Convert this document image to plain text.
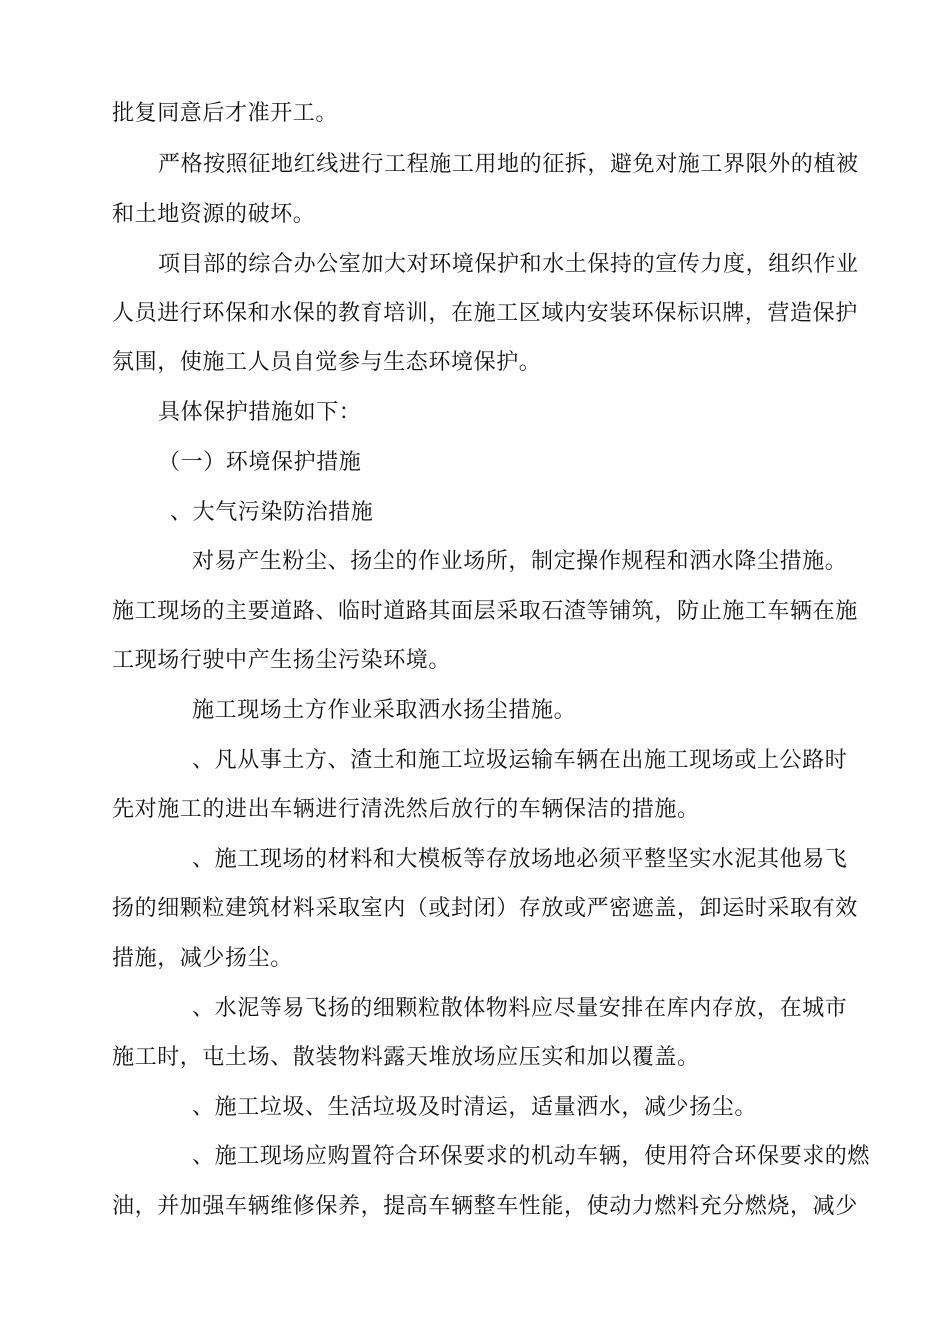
批复同意后才准开工。
严格按照征地红线进行工程施工用地的征拆，避免对施工界限外的植被
和土地资源的破坏。
项目部的综合办公室加大对环境保护和水土保持的宣传力度，组织作业
人员进行环保和水保的教育培训，在施工区域内安装环保标识牌，营造保护
氛围，使施工人员自觉参与生态环境保护。
具体保护措施如下：
（一）环境保护措施
、大气污染防治措施
对易产生粉尘、扬尘的作业场所，制定操作规程和洒水降尘措施。
施工现场的主要道路、临时道路其面层采取石渣等铺筑，防止施工车辆在施
工现场行驶中产生扬尘污染环境。
施工现场土方作业采取洒水扬尘措施。
、凡从事土方、渣土和施工垃圾运输车辆在出施工现场或上公路时
先对施工的进出车辆进行清洗然后放行的车辆保洁的措施。
、施工现场的材料和大模板等存放场地必须平整坚实水泥其他易飞
扬的细颗粒建筑材料采取室内（或封闭）存放或严密遮盖，卸运时采取有效
措施，减少扬尘。
、水泥等易飞扬的细颗粒散体物料应尽量安排在库内存放，在城市
施工时，屯土场、散装物料露天堆放场应压实和加以覆盖。
、施工垃圾、生活垃圾及时清运，适量洒水，减少扬尘。
、施工现场应购置符合环保要求的机动车辆，使用符合环保要求的燃
油，并加强车辆维修保养，提高车辆整车性能，使动力燃料充分燃烧，减少
